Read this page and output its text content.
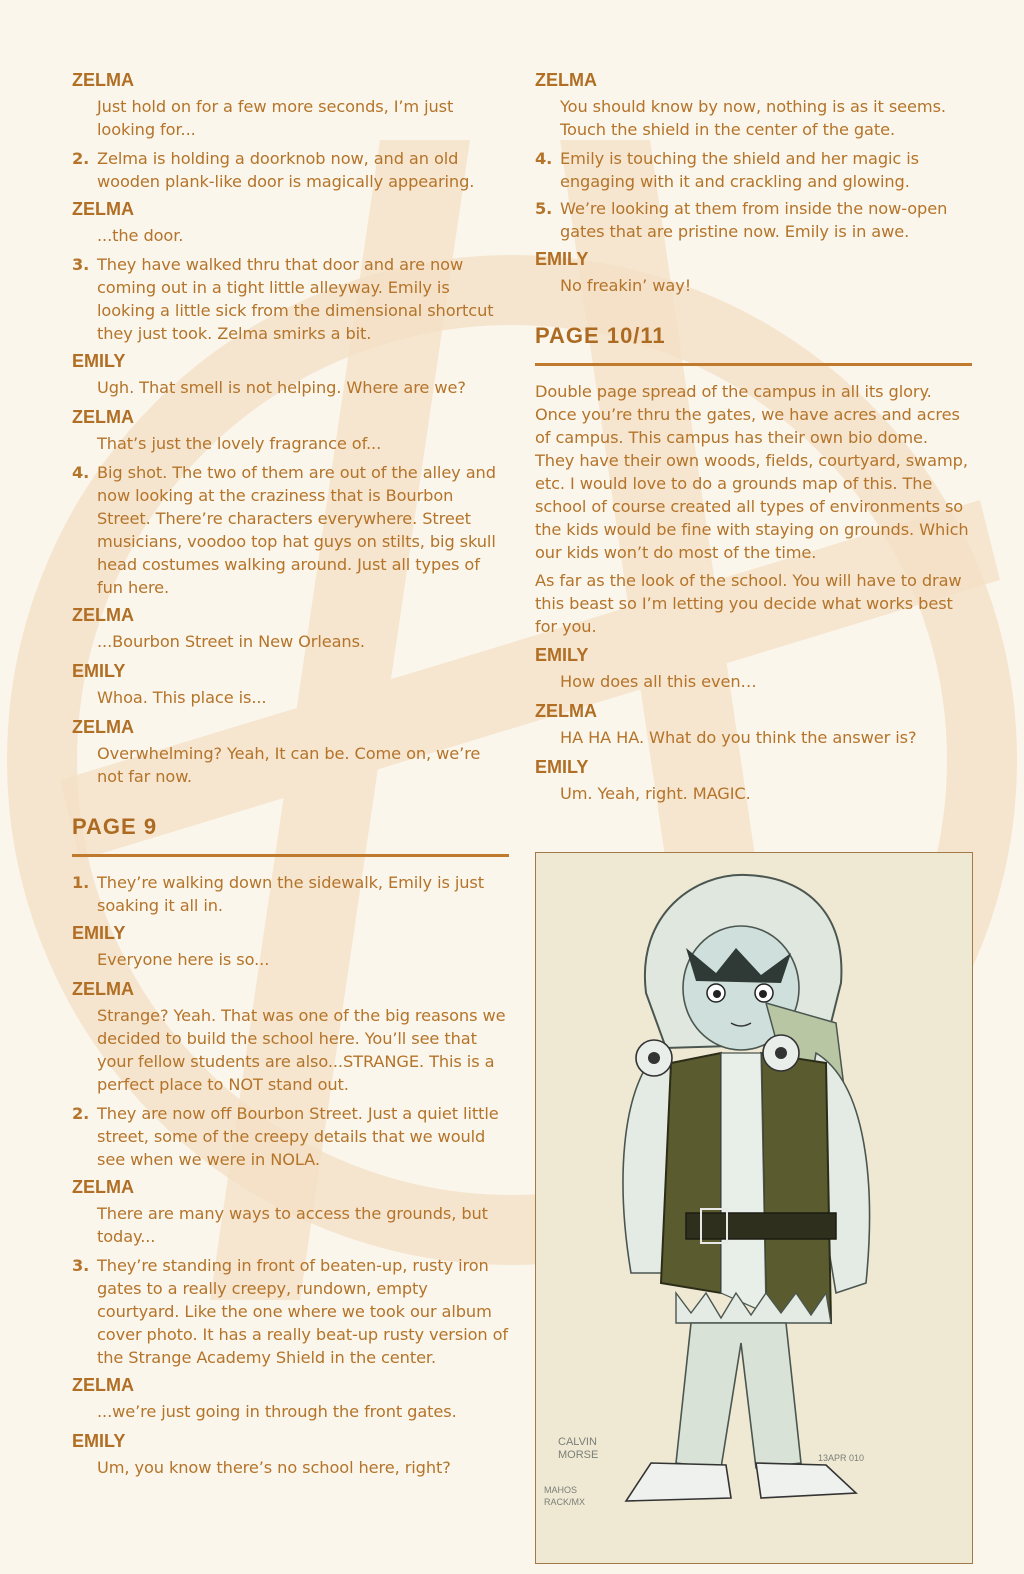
ZELMA
Just hold on for a few more seconds, I’m just looking for...
2. Zelma is holding a doorknob now, and an old wooden plank-like door is magically appearing.
ZELMA
...the door.
3. They have walked thru that door and are now coming out in a tight little alleyway. Emily is looking a little sick from the dimensional shortcut they just took. Zelma smirks a bit.
EMILY
Ugh. That smell is not helping. Where are we?
ZELMA
That’s just the lovely fragrance of...
4. Big shot. The two of them are out of the alley and now looking at the craziness that is Bourbon Street. There’re characters everywhere. Street musicians, voodoo top hat guys on stilts, big skull head costumes walking around. Just all types of fun here.
ZELMA
...Bourbon Street in New Orleans.
EMILY
Whoa. This place is...
ZELMA
Overwhelming? Yeah, It can be. Come on, we’re not far now.
PAGE 9
1. They’re walking down the sidewalk, Emily is just soaking it all in.
EMILY
Everyone here is so...
ZELMA
Strange? Yeah. That was one of the big reasons we decided to build the school here. You’ll see that your fellow students are also...STRANGE. This is a perfect place to NOT stand out.
2. They are now off Bourbon Street. Just a quiet little street, some of the creepy details that we would see when we were in NOLA.
ZELMA
There are many ways to access the grounds, but today...
3. They’re standing in front of beaten-up, rusty iron gates to a really creepy, rundown, empty courtyard. Like the one where we took our album cover photo. It has a really beat-up rusty version of the Strange Academy Shield in the center.
ZELMA
...we’re just going in through the front gates.
EMILY
Um, you know there’s no school here, right?
ZELMA
You should know by now, nothing is as it seems. Touch the shield in the center of the gate.
4. Emily is touching the shield and her magic is engaging with it and crackling and glowing.
5. We’re looking at them from inside the now-open gates that are pristine now. Emily is in awe.
EMILY
No freakin’ way!
PAGE 10/11
Double page spread of the campus in all its glory. Once you’re thru the gates, we have acres and acres of campus. This campus has their own bio dome. They have their own woods, fields, courtyard, swamp, etc. I would love to do a grounds map of this. The school of course created all types of environments so the kids would be fine with staying on grounds. Which our kids won’t do most of the time.
As far as the look of the school. You will have to draw this beast so I’m letting you decide what works best for you.
EMILY
How does all this even…
ZELMA
HA HA HA. What do you think the answer is?
EMILY
Um. Yeah, right. MAGIC.
CALVIN
MORSE	13APR 010
MAHOS
RACK/MX
